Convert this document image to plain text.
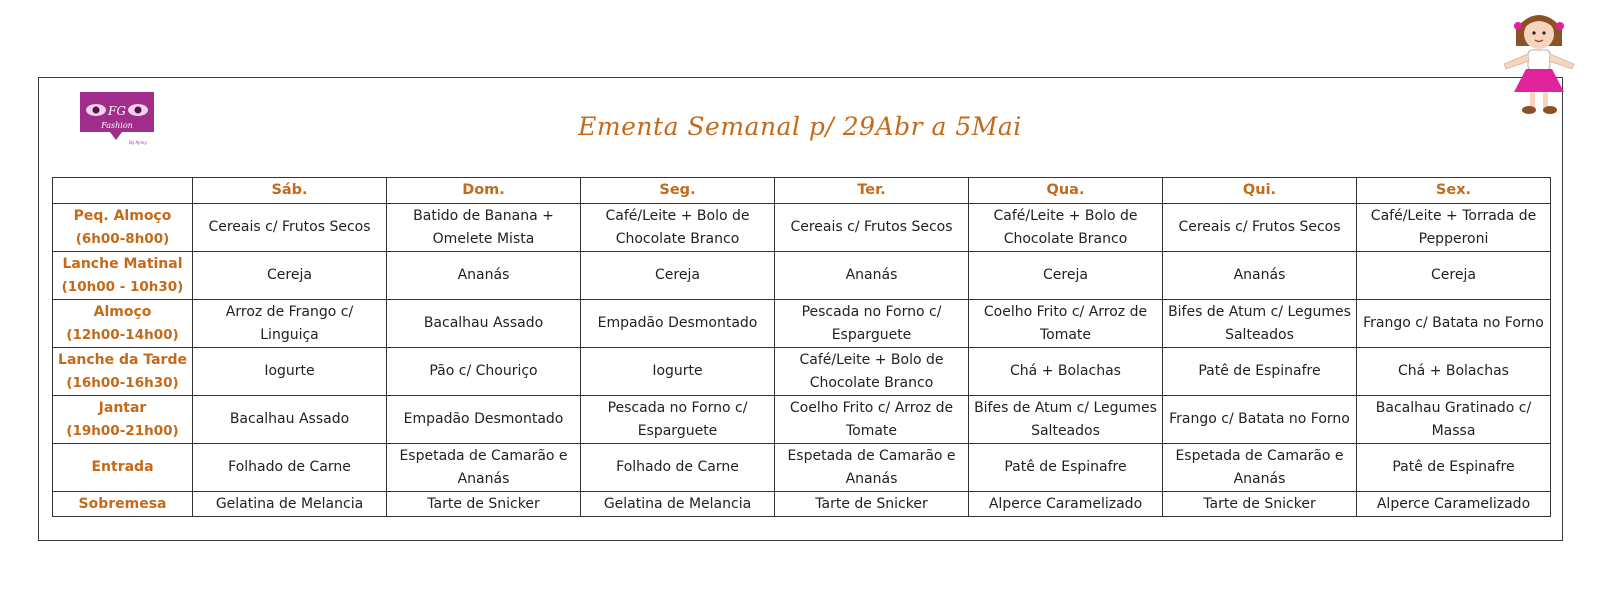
FG
Fashion
By Ajnny
Ementa Semanal p/ 29Abr a 5Mai
	Sáb.	Dom.	Seg.	Ter.	Qua.	Qui.	Sex.
Peq. Almoço
(6h00-8h00)	Cereais c/ Frutos Secos	Batido de Banana + Omelete Mista	Café/Leite + Bolo de Chocolate Branco	Cereais c/ Frutos Secos	Café/Leite + Bolo de Chocolate Branco	Cereais c/ Frutos Secos	Café/Leite + Torrada de Pepperoni
Lanche Matinal
(10h00 - 10h30)	Cereja	Ananás	Cereja	Ananás	Cereja	Ananás	Cereja
Almoço
(12h00-14h00)	Arroz de Frango c/ Linguiça	Bacalhau Assado	Empadão Desmontado	Pescada no Forno c/ Esparguete	Coelho Frito c/ Arroz de Tomate	Bifes de Atum c/ Legumes Salteados	Frango c/ Batata no Forno
Lanche da Tarde
(16h00-16h30)	Iogurte	Pão c/ Chouriço	Iogurte	Café/Leite + Bolo de Chocolate Branco	Chá + Bolachas	Patê de Espinafre	Chá + Bolachas
Jantar
(19h00-21h00)	Bacalhau Assado	Empadão Desmontado	Pescada no Forno c/ Esparguete	Coelho Frito c/ Arroz de Tomate	Bifes de Atum c/ Legumes Salteados	Frango c/ Batata no Forno	Bacalhau Gratinado c/ Massa
Entrada	Folhado de Carne	Espetada de Camarão e Ananás	Folhado de Carne	Espetada de Camarão e Ananás	Patê de Espinafre	Espetada de Camarão e Ananás	Patê de Espinafre
Sobremesa	Gelatina de Melancia	Tarte de Snicker	Gelatina de Melancia	Tarte de Snicker	Alperce Caramelizado	Tarte de Snicker	Alperce Caramelizado
